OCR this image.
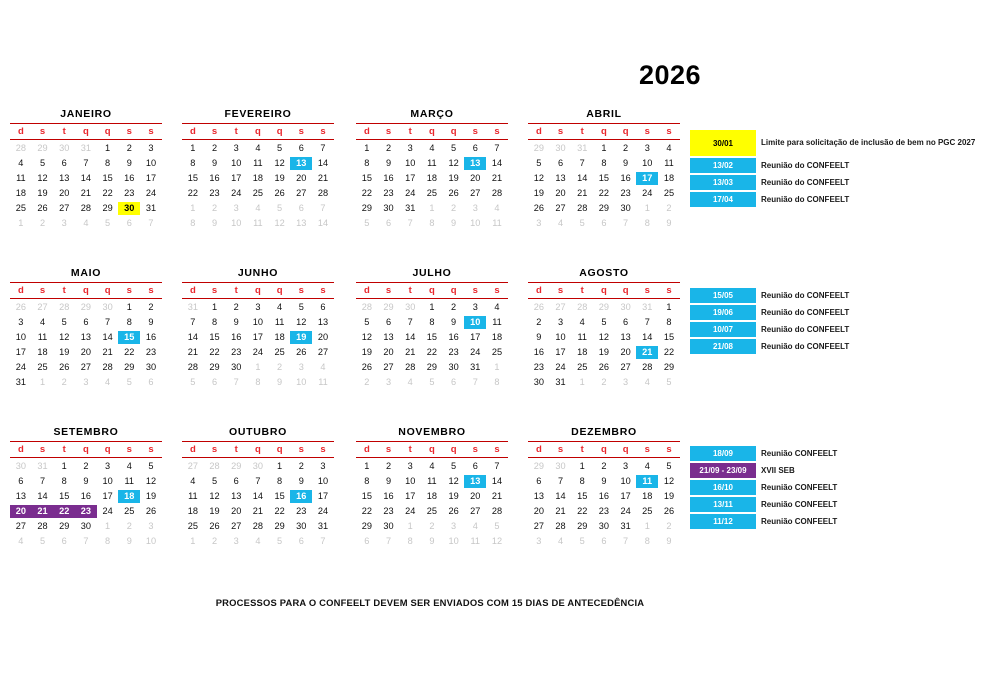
2026
JANEIRO
d	s	t	q	q	s	s
28	29	30	31	1	2	3
4	5	6	7	8	9	10
11	12	13	14	15	16	17
18	19	20	21	22	23	24
25	26	27	28	29	30	31
1	2	3	4	5	6	7
FEVEREIRO
d	s	t	q	q	s	s
1	2	3	4	5	6	7
8	9	10	11	12	13	14
15	16	17	18	19	20	21
22	23	24	25	26	27	28
1	2	3	4	5	6	7
8	9	10	11	12	13	14
MARÇO
d	s	t	q	q	s	s
1	2	3	4	5	6	7
8	9	10	11	12	13	14
15	16	17	18	19	20	21
22	23	24	25	26	27	28
29	30	31	1	2	3	4
5	6	7	8	9	10	11
ABRIL
d	s	t	q	q	s	s
29	30	31	1	2	3	4
5	6	7	8	9	10	11
12	13	14	15	16	17	18
19	20	21	22	23	24	25
26	27	28	29	30	1	2
3	4	5	6	7	8	9
MAIO
d	s	t	q	q	s	s
26	27	28	29	30	1	2
3	4	5	6	7	8	9
10	11	12	13	14	15	16
17	18	19	20	21	22	23
24	25	26	27	28	29	30
31	1	2	3	4	5	6
JUNHO
d	s	t	q	q	s	s
31	1	2	3	4	5	6
7	8	9	10	11	12	13
14	15	16	17	18	19	20
21	22	23	24	25	26	27
28	29	30	1	2	3	4
5	6	7	8	9	10	11
JULHO
d	s	t	q	q	s	s
28	29	30	1	2	3	4
5	6	7	8	9	10	11
12	13	14	15	16	17	18
19	20	21	22	23	24	25
26	27	28	29	30	31	1
2	3	4	5	6	7	8
AGOSTO
d	s	t	q	q	s	s
26	27	28	29	30	31	1
2	3	4	5	6	7	8
9	10	11	12	13	14	15
16	17	18	19	20	21	22
23	24	25	26	27	28	29
30	31	1	2	3	4	5
SETEMBRO
d	s	t	q	q	s	s
30	31	1	2	3	4	5
6	7	8	9	10	11	12
13	14	15	16	17	18	19
20	21	22	23	24	25	26
27	28	29	30	1	2	3
4	5	6	7	8	9	10
OUTUBRO
d	s	t	q	q	s	s
27	28	29	30	1	2	3
4	5	6	7	8	9	10
11	12	13	14	15	16	17
18	19	20	21	22	23	24
25	26	27	28	29	30	31
1	2	3	4	5	6	7
NOVEMBRO
d	s	t	q	q	s	s
1	2	3	4	5	6	7
8	9	10	11	12	13	14
15	16	17	18	19	20	21
22	23	24	25	26	27	28
29	30	1	2	3	4	5
6	7	8	9	10	11	12
DEZEMBRO
d	s	t	q	q	s	s
29	30	1	2	3	4	5
6	7	8	9	10	11	12
13	14	15	16	17	18	19
20	21	22	23	24	25	26
27	28	29	30	31	1	2
3	4	5	6	7	8	9
30/01	Limite para solicitação de inclusão de bem no PGC 2027
13/02	Reunião do CONFEELT
13/03	Reunião do CONFEELT
17/04	Reunião do CONFEELT
15/05	Reunião do CONFEELT
19/06	Reunião do CONFEELT
10/07	Reunião do CONFEELT
21/08	Reunião do CONFEELT
18/09	Reunião CONFEELT
21/09 - 23/09	XVII SEB
16/10	Reunião CONFEELT
13/11	Reunião CONFEELT
11/12	Reunião CONFEELT
PROCESSOS PARA O CONFEELT DEVEM SER ENVIADOS COM 15 DIAS DE ANTECEDÊNCIA
